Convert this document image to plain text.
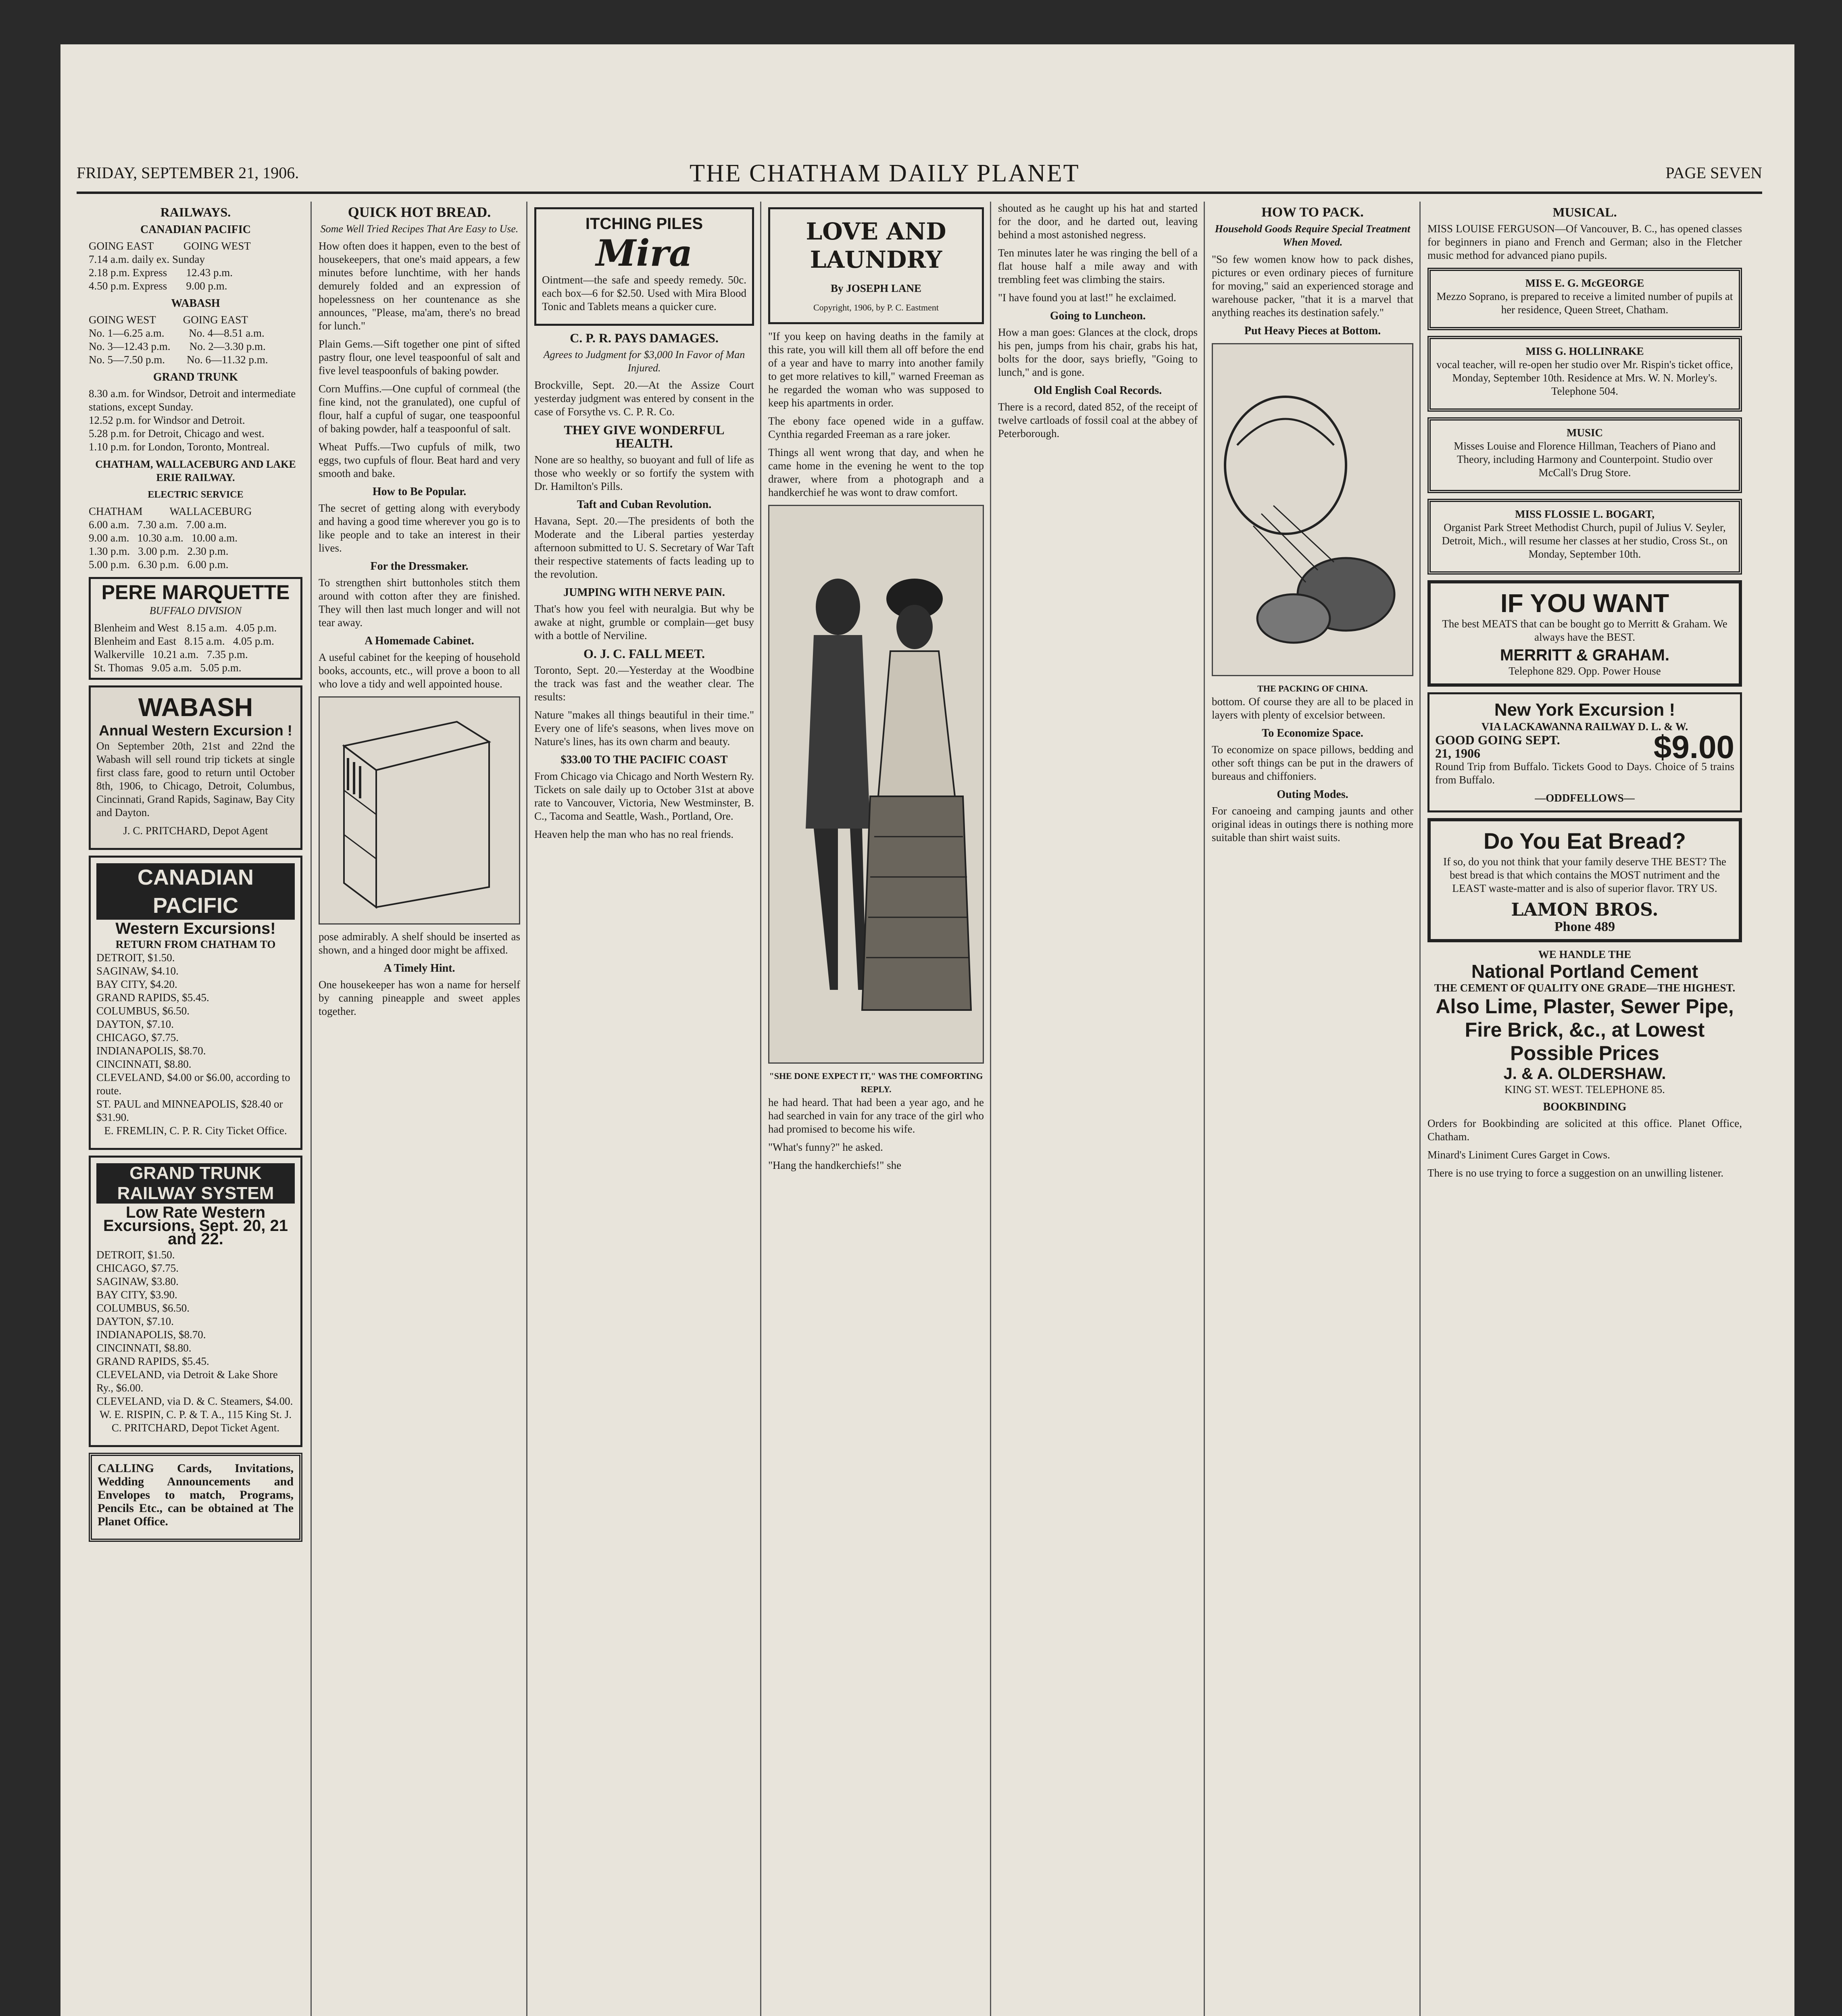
FRIDAY, SEPTEMBER 21, 1906.	THE CHATHAM DAILY PLANET	PAGE SEVEN
RAILWAYS.
CANADIAN PACIFIC
GOING EAST           GOING WEST
7.14 a.m. daily ex. Sunday
2.18 p.m. Express       12.43 p.m.
4.50 p.m. Express       9.00 p.m.
WABASH
GOING WEST          GOING EAST
No. 1—6.25 a.m.         No. 4—8.51 a.m.
No. 3—12.43 p.m.       No. 2—3.30 p.m.
No. 5—7.50 p.m.        No. 6—11.32 p.m.
GRAND TRUNK
8.30 a.m. for Windsor, Detroit and intermediate stations, except Sunday.
12.52 p.m. for Windsor and Detroit.
5.28 p.m. for Detroit, Chicago and west.
1.10 p.m. for London, Toronto, Montreal.
CHATHAM, WALLACEBURG AND LAKE ERIE RAILWAY.
ELECTRIC SERVICE
CHATHAM          WALLACEBURG
6.00 a.m.   7.30 a.m.   7.00 a.m.
9.00 a.m.   10.30 a.m.   10.00 a.m.
1.30 p.m.   3.00 p.m.   2.30 p.m.
5.00 p.m.   6.30 p.m.   6.00 p.m.
PERE MARQUETTE
BUFFALO DIVISION
Blenheim and West   8.15 a.m.   4.05 p.m.
Blenheim and East   8.15 a.m.   4.05 p.m.
Walkerville   10.21 a.m.   7.35 p.m.
St. Thomas   9.05 a.m.   5.05 p.m.
WABASH
Annual Western Excursion !

On September 20th, 21st and 22nd the Wabash will sell round trip tickets at single first class fare, good to return until October 8th, 1906, to Chicago, Detroit, Columbus, Cincinnati, Grand Rapids, Saginaw, Bay City and Dayton.

J. C. PRITCHARD, Depot Agent

CANADIAN PACIFIC
Western Excursions!
RETURN FROM CHATHAM TO
DETROIT, $1.50.
SAGINAW, $4.10.
BAY CITY, $4.20.
GRAND RAPIDS, $5.45.
COLUMBUS, $6.50.
DAYTON, $7.10.
CHICAGO, $7.75.
INDIANAPOLIS, $8.70.
CINCINNATI, $8.80.
CLEVELAND, $4.00 or $6.00, according to route.
ST. PAUL and MINNEAPOLIS, $28.40 or $31.90.

E. FREMLIN, C. P. R. City Ticket Office.

GRAND TRUNK RAILWAY SYSTEM
Low Rate Western Excursions, Sept. 20, 21 and 22.
DETROIT, $1.50.
CHICAGO, $7.75.
SAGINAW, $3.80.
BAY CITY, $3.90.
COLUMBUS, $6.50.
DAYTON, $7.10.
INDIANAPOLIS, $8.70.
CINCINNATI, $8.80.
GRAND RAPIDS, $5.45.
CLEVELAND, via Detroit & Lake Shore Ry., $6.00.
CLEVELAND, via D. & C. Steamers, $4.00.

W. E. RISPIN, C. P. & T. A., 115 King St. J. C. PRITCHARD, Depot Ticket Agent.

CALLING Cards, Invitations, Wedding Announcements and Envelopes to match, Programs, Pencils Etc., can be obtained at The Planet Office.

QUICK HOT BREAD.
Some Well Tried Recipes That Are Easy to Use.

How often does it happen, even to the best of housekeepers, that one's maid appears, a few minutes before lunchtime, with her hands demurely folded and an expression of hopelessness on her countenance as she announces, "Please, ma'am, there's no bread for lunch."

Plain Gems.—Sift together one pint of sifted pastry flour, one level teaspoonful of salt and five level teaspoonfuls of baking powder.

Corn Muffins.—One cupful of cornmeal (the fine kind, not the granulated), one cupful of flour, half a cupful of sugar, one teaspoonful of baking powder, half a teaspoonful of salt.

Wheat Puffs.—Two cupfuls of milk, two eggs, two cupfuls of flour. Beat hard and very smooth and bake.

How to Be Popular.

The secret of getting along with everybody and having a good time wherever you go is to like people and to take an interest in their lives.

For the Dressmaker.

To strengthen shirt buttonholes stitch them around with cotton after they are finished. They will then last much longer and will not tear away.

A Homemade Cabinet.

A useful cabinet for the keeping of household books, accounts, etc., will prove a boon to all who love a tidy and well appointed house.

pose admirably. A shelf should be inserted as shown, and a hinged door might be affixed.

A Timely Hint.

One housekeeper has won a name for herself by canning pineapple and sweet apples together.

ITCHING PILES
Mira

Ointment—the safe and speedy remedy. 50c. each box—6 for $2.50. Used with Mira Blood Tonic and Tablets means a quicker cure.

C. P. R. PAYS DAMAGES.
Agrees to Judgment for $3,000 In Favor of Man Injured.

Brockville, Sept. 20.—At the Assize Court yesterday judgment was entered by consent in the case of Forsythe vs. C. P. R. Co.

THEY GIVE WONDERFUL HEALTH.

None are so healthy, so buoyant and full of life as those who weekly or so fortify the system with Dr. Hamilton's Pills.

Taft and Cuban Revolution.

Havana, Sept. 20.—The presidents of both the Moderate and the Liberal parties yesterday afternoon submitted to U. S. Secretary of War Taft their respective statements of facts leading up to the revolution.

JUMPING WITH NERVE PAIN.

That's how you feel with neuralgia. But why be awake at night, grumble or complain—get busy with a bottle of Nerviline.

O. J. C. FALL MEET.

Toronto, Sept. 20.—Yesterday at the Woodbine the track was fast and the weather clear. The results:

Nature "makes all things beautiful in their time." Every one of life's seasons, when lives move on Nature's lines, has its own charm and beauty.

$33.00 TO THE PACIFIC COAST

From Chicago via Chicago and North Western Ry. Tickets on sale daily up to October 31st at above rate to Vancouver, Victoria, New Westminster, B. C., Tacoma and Seattle, Wash., Portland, Ore.

Heaven help the man who has no real friends.

LOVE AND LAUNDRY
By JOSEPH LANE
Copyright, 1906, by P. C. Eastment

"If you keep on having deaths in the family at this rate, you will kill them all off before the end of a year and have to marry into another family to get more relatives to kill," warned Freeman as he regarded the woman who was supposed to keep his apartments in order.

The ebony face opened wide in a guffaw. Cynthia regarded Freeman as a rare joker.

Things all went wrong that day, and when he came home in the evening he went to the top drawer, where from a photograph and a handkerchief he was wont to draw comfort.

"SHE DONE EXPECT IT," WAS THE COMFORTING REPLY.

he had heard. That had been a year ago, and he had searched in vain for any trace of the girl who had promised to become his wife.

"What's funny?" he asked.

"Hang the handkerchiefs!" she

shouted as he caught up his hat and started for the door, and he darted out, leaving behind a most astonished negress.

Ten minutes later he was ringing the bell of a flat house half a mile away and with trembling feet was climbing the stairs.

"I have found you at last!" he exclaimed.

Going to Luncheon.

How a man goes: Glances at the clock, drops his pen, jumps from his chair, grabs his hat, bolts for the door, says briefly, "Going to lunch," and is gone.

Old English Coal Records.

There is a record, dated 852, of the receipt of twelve cartloads of fossil coal at the abbey of Peterborough.

HOW TO PACK.
Household Goods Require Special Treatment When Moved.

"So few women know how to pack dishes, pictures or even ordinary pieces of furniture for moving," said an experienced storage and warehouse packer, "that it is a marvel that anything reaches its destination safely."

Put Heavy Pieces at Bottom.
THE PACKING OF CHINA.

bottom. Of course they are all to be placed in layers with plenty of excelsior between.

To Economize Space.

To economize on space pillows, bedding and other soft things can be put in the drawers of bureaus and chiffoniers.

Outing Modes.

For canoeing and camping jaunts and other original ideas in outings there is nothing more suitable than shirt waist suits.

MUSICAL.

MISS LOUISE FERGUSON—Of Vancouver, B. C., has opened classes for beginners in piano and French and German; also in the Fletcher music method for advanced piano pupils.

MISS E. G. McGEORGE

Mezzo Soprano, is prepared to receive a limited number of pupils at her residence, Queen Street, Chatham.

MISS G. HOLLINRAKE

vocal teacher, will re-open her studio over Mr. Rispin's ticket office, Monday, September 10th. Residence at Mrs. W. N. Morley's. Telephone 504.

MUSIC

Misses Louise and Florence Hillman, Teachers of Piano and Theory, including Harmony and Counterpoint. Studio over McCall's Drug Store.

MISS FLOSSIE L. BOGART,

Organist Park Street Methodist Church, pupil of Julius V. Seyler, Detroit, Mich., will resume her classes at her studio, Cross St., on Monday, September 10th.

IF YOU WANT

The best MEATS that can be bought go to Merritt & Graham. We always have the BEST.

MERRITT & GRAHAM.
Telephone 829. Opp. Power House
New York Excursion !
VIA LACKAWANNA RAILWAY D. L. & W.
GOOD GOING SEPT. 21, 1906	$9.00

Round Trip from Buffalo. Tickets Good to Days. Choice of 5 trains from Buffalo.

—ODDFELLOWS—
Do You Eat Bread?

If so, do you not think that your family deserve THE BEST? The best bread is that which contains the MOST nutriment and the LEAST waste-matter and is also of superior flavor. TRY US.

LAMON BROS.
Phone 489
WE HANDLE THE
National Portland Cement
THE CEMENT OF QUALITY ONE GRADE—THE HIGHEST.
Also Lime, Plaster, Sewer Pipe, Fire Brick, &c., at Lowest Possible Prices
J. & A. OLDERSHAW.
KING ST. WEST. TELEPHONE 85.
BOOKBINDING

Orders for Bookbinding are solicited at this office. Planet Office, Chatham.

Minard's Liniment Cures Garget in Cows.

There is no use trying to force a suggestion on an unwilling listener.
